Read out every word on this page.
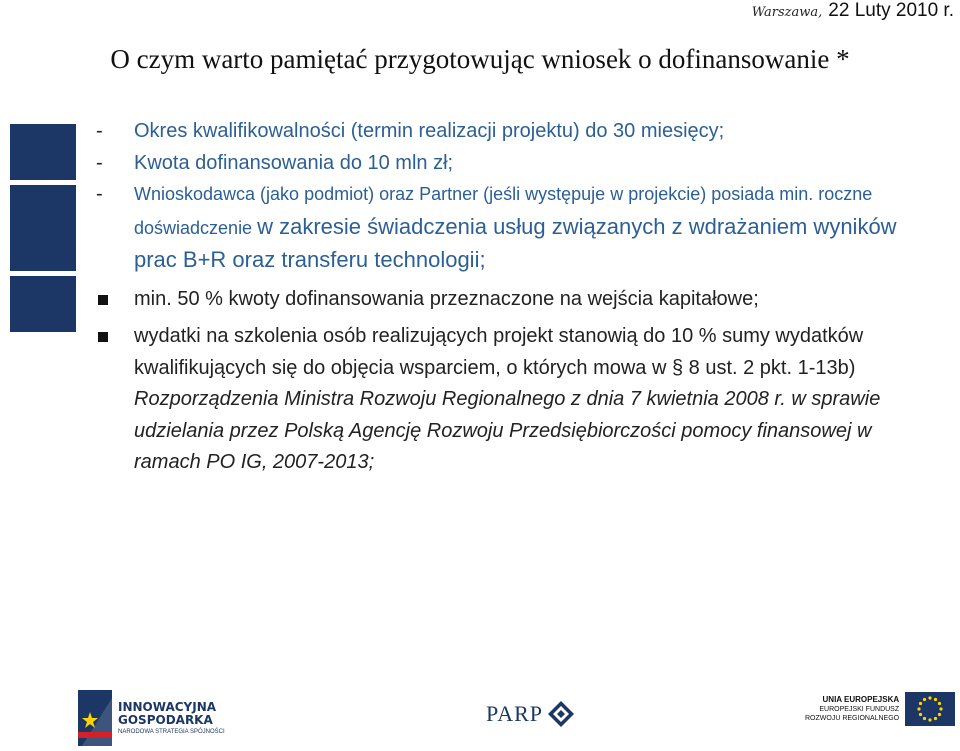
Warszawa, 22 Luty 2010 r.
O czym warto pamiętać przygotowując wniosek o dofinansowanie *
-	Okres kwalifikowalności (termin realizacji projektu) do 30 miesięcy;
-	Kwota dofinansowania do 10 mln zł;
-	Wnioskodawca (jako podmiot) oraz Partner (jeśli występuje w projekcie) posiada min. roczne doświadczenie w zakresie świadczenia usług związanych z wdrażaniem wyników prac B+R oraz transferu technologii;
min. 50 % kwoty dofinansowania przeznaczone na wejścia kapitałowe;
wydatki na szkolenia osób realizujących projekt stanowią do 10 % sumy wydatków kwalifikujących się do objęcia wsparciem, o których mowa w § 8 ust. 2 pkt. 1-13b) Rozporządzenia Ministra Rozwoju Regionalnego z dnia 7 kwietnia 2008 r. w sprawie udzielania przez Polską Agencję Rozwoju Przedsiębiorczości pomocy finansowej w ramach PO IG, 2007-2013;
INNOWACYJNA
GOSPODARKA
NARODOWA STRATEGIA SPÓJNOŚCI
PARP
UNIA EUROPEJSKA
EUROPEJSKI FUNDUSZ
ROZWOJU REGIONALNEGO
